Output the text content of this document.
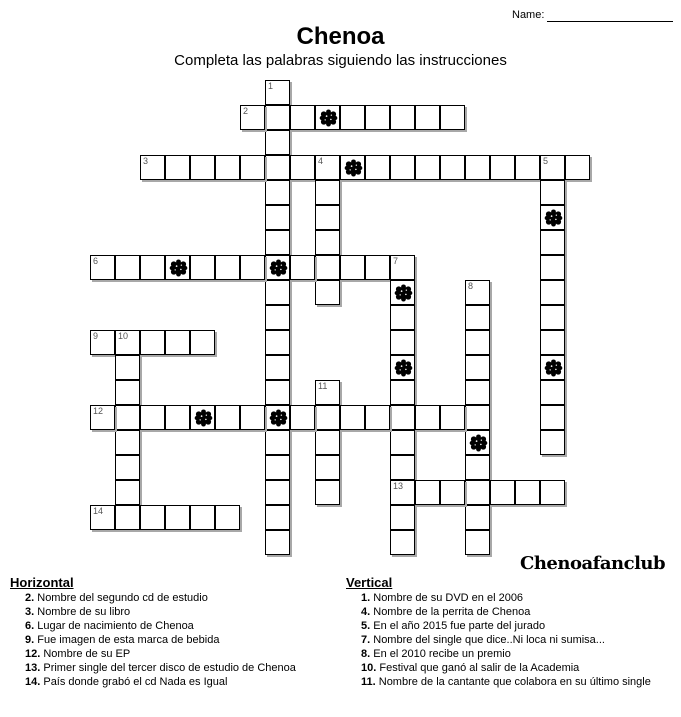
Name:
Chenoa
Completa las palabras siguiendo las instrucciones
1
2
3	4	5
6	7
13
8
9 10
11
12
14
Chenoafanclub
Horizontal
2. Nombre del segundo cd de estudio
3. Nombre de su libro
6. Lugar de nacimiento de Chenoa
9. Fue imagen de esta marca de bebida
12. Nombre de su EP
13. Primer single del tercer disco de estudio de Chenoa
14. País donde grabó el cd Nada es Igual
Vertical
1. Nombre de su DVD en el 2006
4. Nombre de la perrita de Chenoa
5. En el año 2015 fue parte del jurado
7. Nombre del single que dice..Ni loca ni sumisa...
8. En el 2010 recibe un premio
10. Festival que ganó al salir de la Academia
11. Nombre de la cantante que colabora en su último single
